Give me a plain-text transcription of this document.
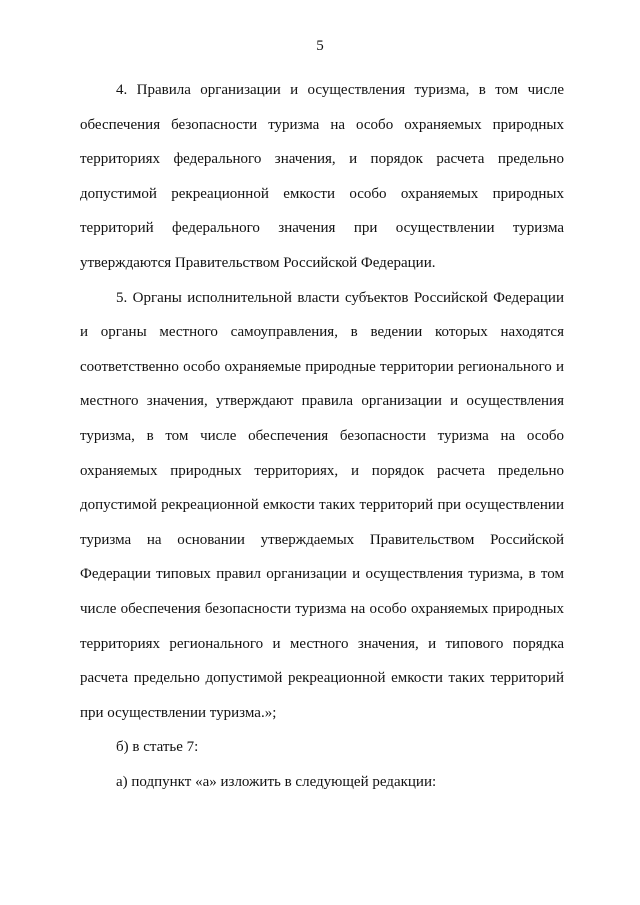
5
4. Правила организации и осуществления туризма, в том числе
обеспечения безопасности туризма на особо охраняемых природных
территориях федерального значения, и порядок расчета предельно
допустимой рекреационной емкости особо охраняемых природных
территорий федерального значения при осуществлении туризма
утверждаются Правительством Российской Федерации.
5. Органы исполнительной власти субъектов Российской Федерации
и органы местного самоуправления, в ведении которых находятся
соответственно особо охраняемые природные территории регионального и
местного значения, утверждают правила организации и осуществления
туризма, в том числе обеспечения безопасности туризма на особо
охраняемых природных территориях, и порядок расчета предельно
допустимой рекреационной емкости таких территорий при осуществлении
туризма на основании утверждаемых Правительством Российской
Федерации типовых правил организации и осуществления туризма, в том
числе обеспечения безопасности туризма на особо охраняемых природных
территориях регионального и местного значения, и типового порядка
расчета предельно допустимой рекреационной емкости таких территорий
при осуществлении туризма.»;
б) в статье 7:
а) подпункт «а» изложить в следующей редакции:
